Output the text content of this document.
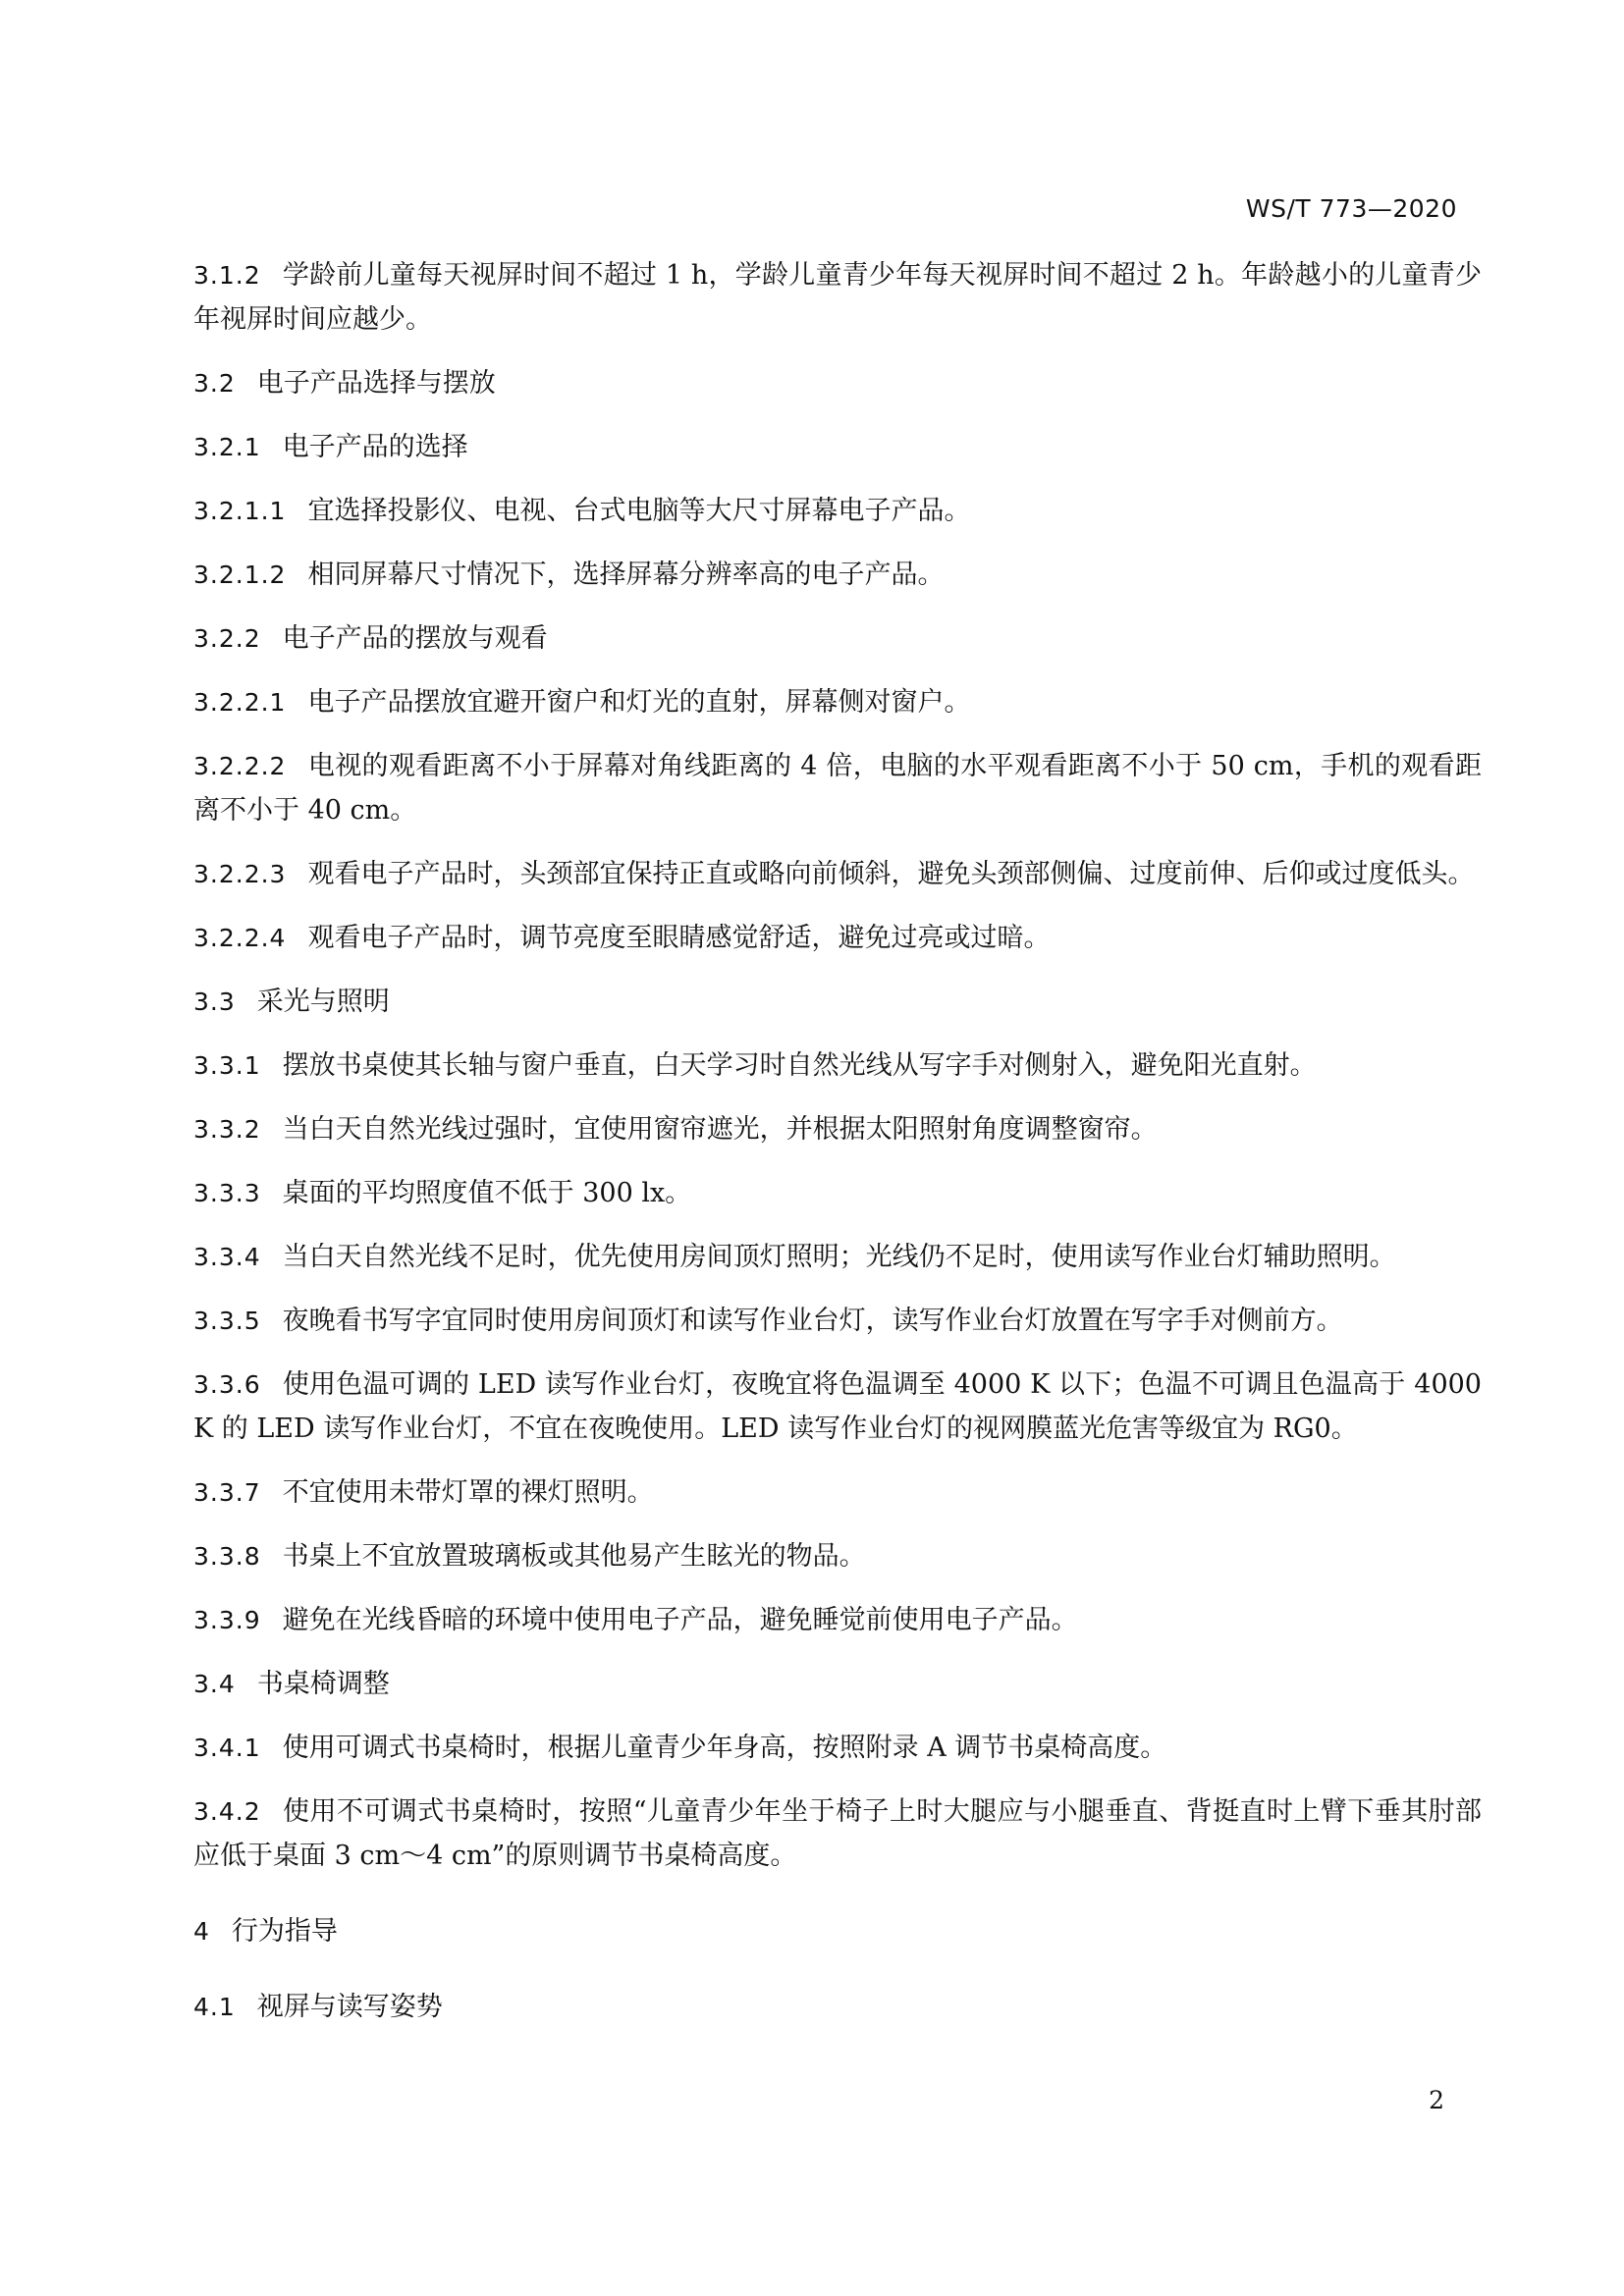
WS/T 773—2020

3.1.2 学龄前儿童每天视屏时间不超过 1 h，学龄儿童青少年每天视屏时间不超过 2 h。年龄越小的儿童青少年视屏时间应越少。

3.2 电子产品选择与摆放
3.2.1 电子产品的选择

3.2.1.1 宜选择投影仪、电视、台式电脑等大尺寸屏幕电子产品。

3.2.1.2 相同屏幕尺寸情况下，选择屏幕分辨率高的电子产品。

3.2.2 电子产品的摆放与观看

3.2.2.1 电子产品摆放宜避开窗户和灯光的直射，屏幕侧对窗户。

3.2.2.2 电视的观看距离不小于屏幕对角线距离的 4 倍，电脑的水平观看距离不小于 50 cm，手机的观看距离不小于 40 cm。

3.2.2.3 观看电子产品时，头颈部宜保持正直或略向前倾斜，避免头颈部侧偏、过度前伸、后仰或过度低头。

3.2.2.4 观看电子产品时，调节亮度至眼睛感觉舒适，避免过亮或过暗。

3.3 采光与照明

3.3.1 摆放书桌使其长轴与窗户垂直，白天学习时自然光线从写字手对侧射入，避免阳光直射。

3.3.2 当白天自然光线过强时，宜使用窗帘遮光，并根据太阳照射角度调整窗帘。

3.3.3 桌面的平均照度值不低于 300 lx。

3.3.4 当白天自然光线不足时，优先使用房间顶灯照明；光线仍不足时，使用读写作业台灯辅助照明。

3.3.5 夜晚看书写字宜同时使用房间顶灯和读写作业台灯，读写作业台灯放置在写字手对侧前方。

3.3.6 使用色温可调的 LED 读写作业台灯，夜晚宜将色温调至 4000 K 以下；色温不可调且色温高于 4000 K 的 LED 读写作业台灯，不宜在夜晚使用。LED 读写作业台灯的视网膜蓝光危害等级宜为 RG0。

3.3.7 不宜使用未带灯罩的裸灯照明。

3.3.8 书桌上不宜放置玻璃板或其他易产生眩光的物品。

3.3.9 避免在光线昏暗的环境中使用电子产品，避免睡觉前使用电子产品。

3.4 书桌椅调整

3.4.1 使用可调式书桌椅时，根据儿童青少年身高，按照附录 A 调节书桌椅高度。

3.4.2 使用不可调式书桌椅时，按照“儿童青少年坐于椅子上时大腿应与小腿垂直、背挺直时上臂下垂其肘部应低于桌面 3 cm～4 cm”的原则调节书桌椅高度。

4 行为指导
4.1 视屏与读写姿势
2
